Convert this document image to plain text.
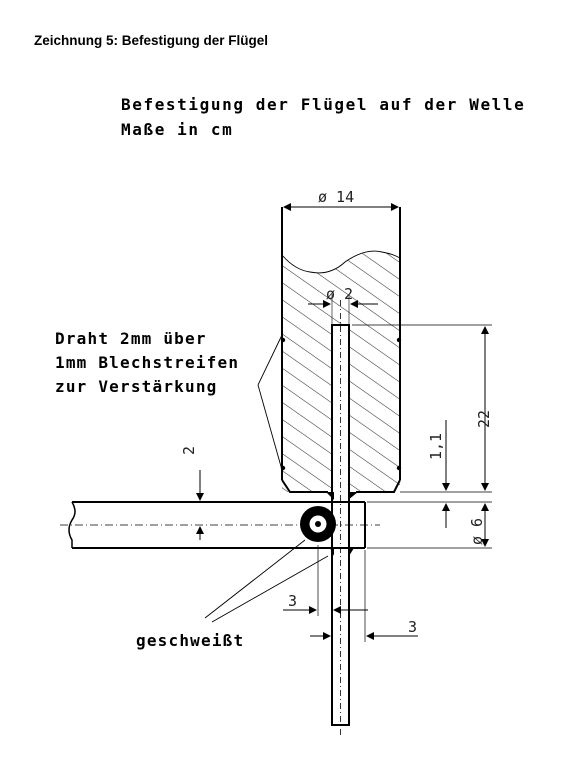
Zeichnung 5: Befestigung der Flügel
Befestigung der Flügel auf der Welle
Maße in cm
ø 14
ø 2
22
1,1
ø 6
2
3
3
Draht 2mm über
1mm Blechstreifen
zur Verstärkung
geschweißt
